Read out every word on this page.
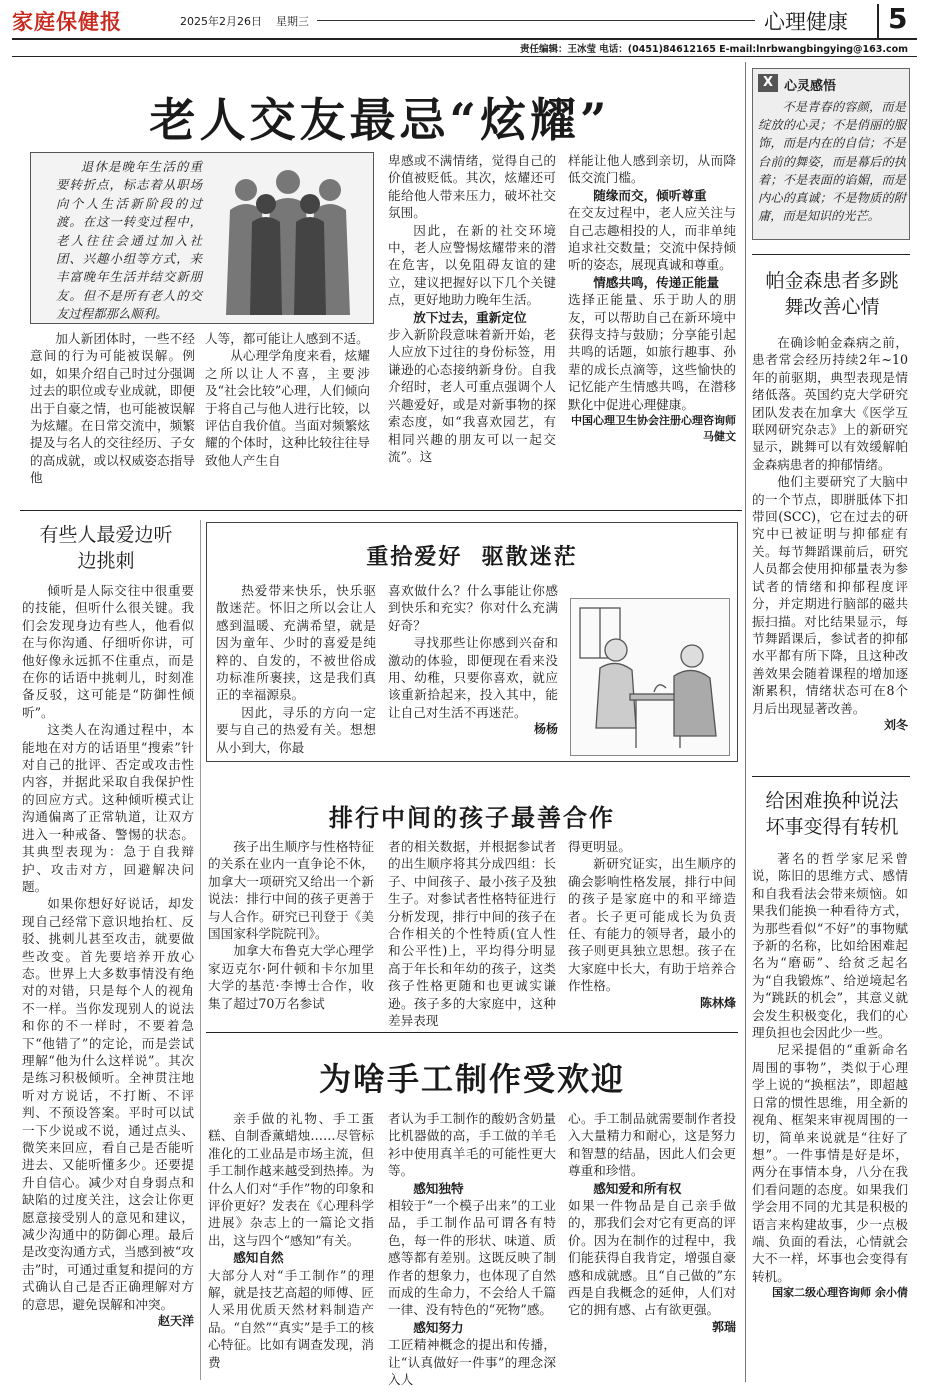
家庭保健报	2025年2月26日 星期三	心理健康 5
责任编辑：王冰莹 电话：(0451)84612165 E-mail:lnrbwangbingying@163.com
老人交友最忌“炫耀”
退休是晚年生活的重要转折点，标志着从职场向个人生活新阶段的过渡。在这一转变过程中，老人往往会通过加入社团、兴趣小组等方式，来丰富晚年生活并结交新朋友。但不是所有老人的交友过程都那么顺利。

加人新团体时，一些不经意间的行为可能被误解。例如，如果介绍自己时过分强调过去的职位或专业成就，即便出于自豪之情，也可能被误解为炫耀。在日常交流中，频繁提及与名人的交往经历、子女的高成就，或以权威姿态指导他

人等，都可能让人感到不适。

从心理学角度来看，炫耀之所以让人不喜，主要涉及“社会比较”心理，人们倾向于将自己与他人进行比较，以评估自我价值。当面对频繁炫耀的个体时，这种比较往往导致他人产生自

卑感或不满情绪，觉得自己的价值被贬低。其次，炫耀还可能给他人带来压力，破坏社交氛围。

因此，在新的社交环境中，老人应警惕炫耀带来的潜在危害，以免阻碍友谊的建立，建议把握好以下几个关键点，更好地助力晚年生活。

放下过去，重新定位

步入新阶段意味着新开始，老人应放下过往的身份标签，用谦逊的心态接纳新身份。自我介绍时，老人可重点强调个人兴趣爱好，或是对新事物的探索态度，如“我喜欢园艺，有相同兴趣的朋友可以一起交流”。这

样能让他人感到亲切，从而降低交流门槛。

随缘而交，倾听尊重

在交友过程中，老人应关注与自己志趣相投的人，而非单纯追求社交数量；交流中保持倾听的姿态，展现真诚和尊重。

情感共鸣，传递正能量

选择正能量、乐于助人的朋友，可以帮助自己在新环境中获得支持与鼓励；分享能引起共鸣的话题，如旅行趣事、孙辈的成长点滴等，这些愉快的记忆能产生情感共鸣，在潜移默化中促进心理健康。

中国心理卫生协会注册心理咨询师 马健文
X 心灵感悟
不是青春的容颜，而是绽放的心灵；不是俏丽的服饰，而是内在的自信；不是台前的舞姿，而是幕后的执着；不是表面的谄媚，而是内心的真诚；不是物质的附庸，而是知识的光芒。
帕金森患者多跳舞改善心情

在确诊帕金森病之前，患者常会经历持续2年~10年的前驱期，典型表现是情绪低落。英国约克大学研究团队发表在加拿大《医学互联网研究杂志》上的新研究显示，跳舞可以有效缓解帕金森病患者的抑郁情绪。

他们主要研究了大脑中的一个节点，即胼胝体下扣带回(SCC)，它在过去的研究中已被证明与抑郁症有关。每节舞蹈课前后，研究人员都会使用抑郁量表为参试者的情绪和抑郁程度评分，并定期进行脑部的磁共振扫描。对比结果显示，每节舞蹈课后，参试者的抑郁水平都有所下降，且这种改善效果会随着课程的增加逐渐累积，情绪状态可在8个月后出现显著改善。

刘冬
给困难换种说法坏事变得有转机

著名的哲学家尼采曾说，陈旧的思维方式、感情和自我看法会带来烦恼。如果我们能换一种看待方式，为那些看似“不好”的事物赋予新的名称，比如给困难起名为“磨砺”、给贫乏起名为“自我锻炼”、给逆境起名为“跳跃的机会”，其意义就会发生积极变化，我们的心理负担也会因此少一些。

尼采提倡的“重新命名周围的事物”，类似于心理学上说的“换框法”，即超越日常的惯性思维，用全新的视角、框架来审视周围的一切，简单来说就是“往好了想”。一件事情是好是坏，两分在事情本身，八分在我们看问题的态度。如果我们学会用不同的尤其是积极的语言来构建故事，少一点极端、负面的看法，心情就会大不一样，坏事也会变得有转机。

国家二级心理咨询师 余小倩
有些人最爱边听边挑刺

倾听是人际交往中很重要的技能，但听什么很关键。我们会发现身边有些人，他看似在与你沟通、仔细听你讲，可他好像永远抓不住重点，而是在你的话语中挑刺儿，时刻准备反驳，这可能是“防御性倾听”。

这类人在沟通过程中，本能地在对方的话语里“搜索”针对自己的批评、否定或攻击性内容，并据此采取自我保护性的回应方式。这种倾听模式让沟通偏离了正常轨道，让双方进入一种戒备、警惕的状态。其典型表现为：急于自我辩护、攻击对方，回避解决问题。

如果你想好好说话，却发现自己经常下意识地抬杠、反驳、挑刺儿甚至攻击，就要做些改变。首先要培养开放心态。世界上大多数事情没有绝对的对错，只是每个人的视角不一样。当你发现别人的说法和你的不一样时，不要着急下“他错了”的定论，而是尝试理解“他为什么这样说”。其次是练习积极倾听。全神贯注地听对方说话，不打断、不评判、不预设答案。平时可以试一下少说或不说，通过点头、微笑来回应，看自己是否能听进去、又能听懂多少。还要提升自信心。减少对自身弱点和缺陷的过度关注，这会让你更愿意接受别人的意见和建议，减少沟通中的防御心理。最后是改变沟通方式，当感到被“攻击”时，可通过重复和提问的方式确认自己是否正确理解对方的意思，避免误解和冲突。

赵天洋
重拾爱好  驱散迷茫

热爱带来快乐，快乐驱散迷茫。怀旧之所以会让人感到温暖、充满希望，就是因为童年、少时的喜爱是纯粹的、自发的，不被世俗成功标准所裹挟，这是我们真正的幸福源泉。

因此，寻乐的方向一定要与自己的热爱有关。想想从小到大，你最

喜欢做什么？什么事能让你感到快乐和充实？你对什么充满好奇？

寻找那些让你感到兴奋和激动的体验，即便现在看来没用、幼稚，只要你喜欢，就应该重新拾起来，投入其中，能让自己对生活不再迷茫。

杨杨
排行中间的孩子最善合作

孩子出生顺序与性格特征的关系在业内一直争论不休，加拿大一项研究又给出一个新说法：排行中间的孩子更善于与人合作。研究已刊登于《美国国家科学院院刊》。

加拿大布鲁克大学心理学家迈克尔·阿什顿和卡尔加里大学的基范·李博士合作，收集了超过70万名参试

者的相关数据，并根据参试者的出生顺序将其分成四组：长子、中间孩子、最小孩子及独生子。对参试者性格特征进行分析发现，排行中间的孩子在合作相关的个性特质(宜人性和公平性)上，平均得分明显高于年长和年幼的孩子，这类孩子性格更随和也更诚实谦逊。孩子多的大家庭中，这种差异表现

得更明显。

新研究证实，出生顺序的确会影响性格发展，排行中间的孩子是家庭中的和平缔造者。长子更可能成长为负责任、有能力的领导者，最小的孩子则更具独立思想。孩子在大家庭中长大，有助于培养合作性格。

陈林烽
为啥手工制作受欢迎

亲手做的礼物、手工蛋糕、自制香薰蜡烛……尽管标准化的工业品是市场主流，但手工制作越来越受到热捧。为什么人们对“手作”物的印象和评价更好？发表在《心理科学进展》杂志上的一篇论文指出，这与四个“感知”有关。

感知自然

大部分人对“手工制作”的理解，就是技艺高超的师傅、匠人采用优质天然材料制造产品。“自然”“真实”是手工的核心特征。比如有调查发现，消费

者认为手工制作的酸奶含奶量比机器做的高，手工做的羊毛衫中使用真羊毛的可能性更大等。

感知独特

相较于“一个模子出来”的工业品，手工制作品可谓各有特色，每一件的形状、味道、质感等都有差别。这既反映了制作者的想象力，也体现了自然而成的生命力，不会给人千篇一律、没有特色的“死物”感。

感知努力

工匠精神概念的提出和传播，让“认真做好一件事”的理念深入人

心。手工制品就需要制作者投入大量精力和耐心，这是努力和智慧的结晶，因此人们会更尊重和珍惜。

感知爱和所有权

如果一件物品是自己亲手做的，那我们会对它有更高的评价。因为在制作的过程中，我们能获得自我肯定，增强自豪感和成就感。且“自己做的”东西是自我概念的延伸，人们对它的拥有感、占有欲更强。

郭瑞
